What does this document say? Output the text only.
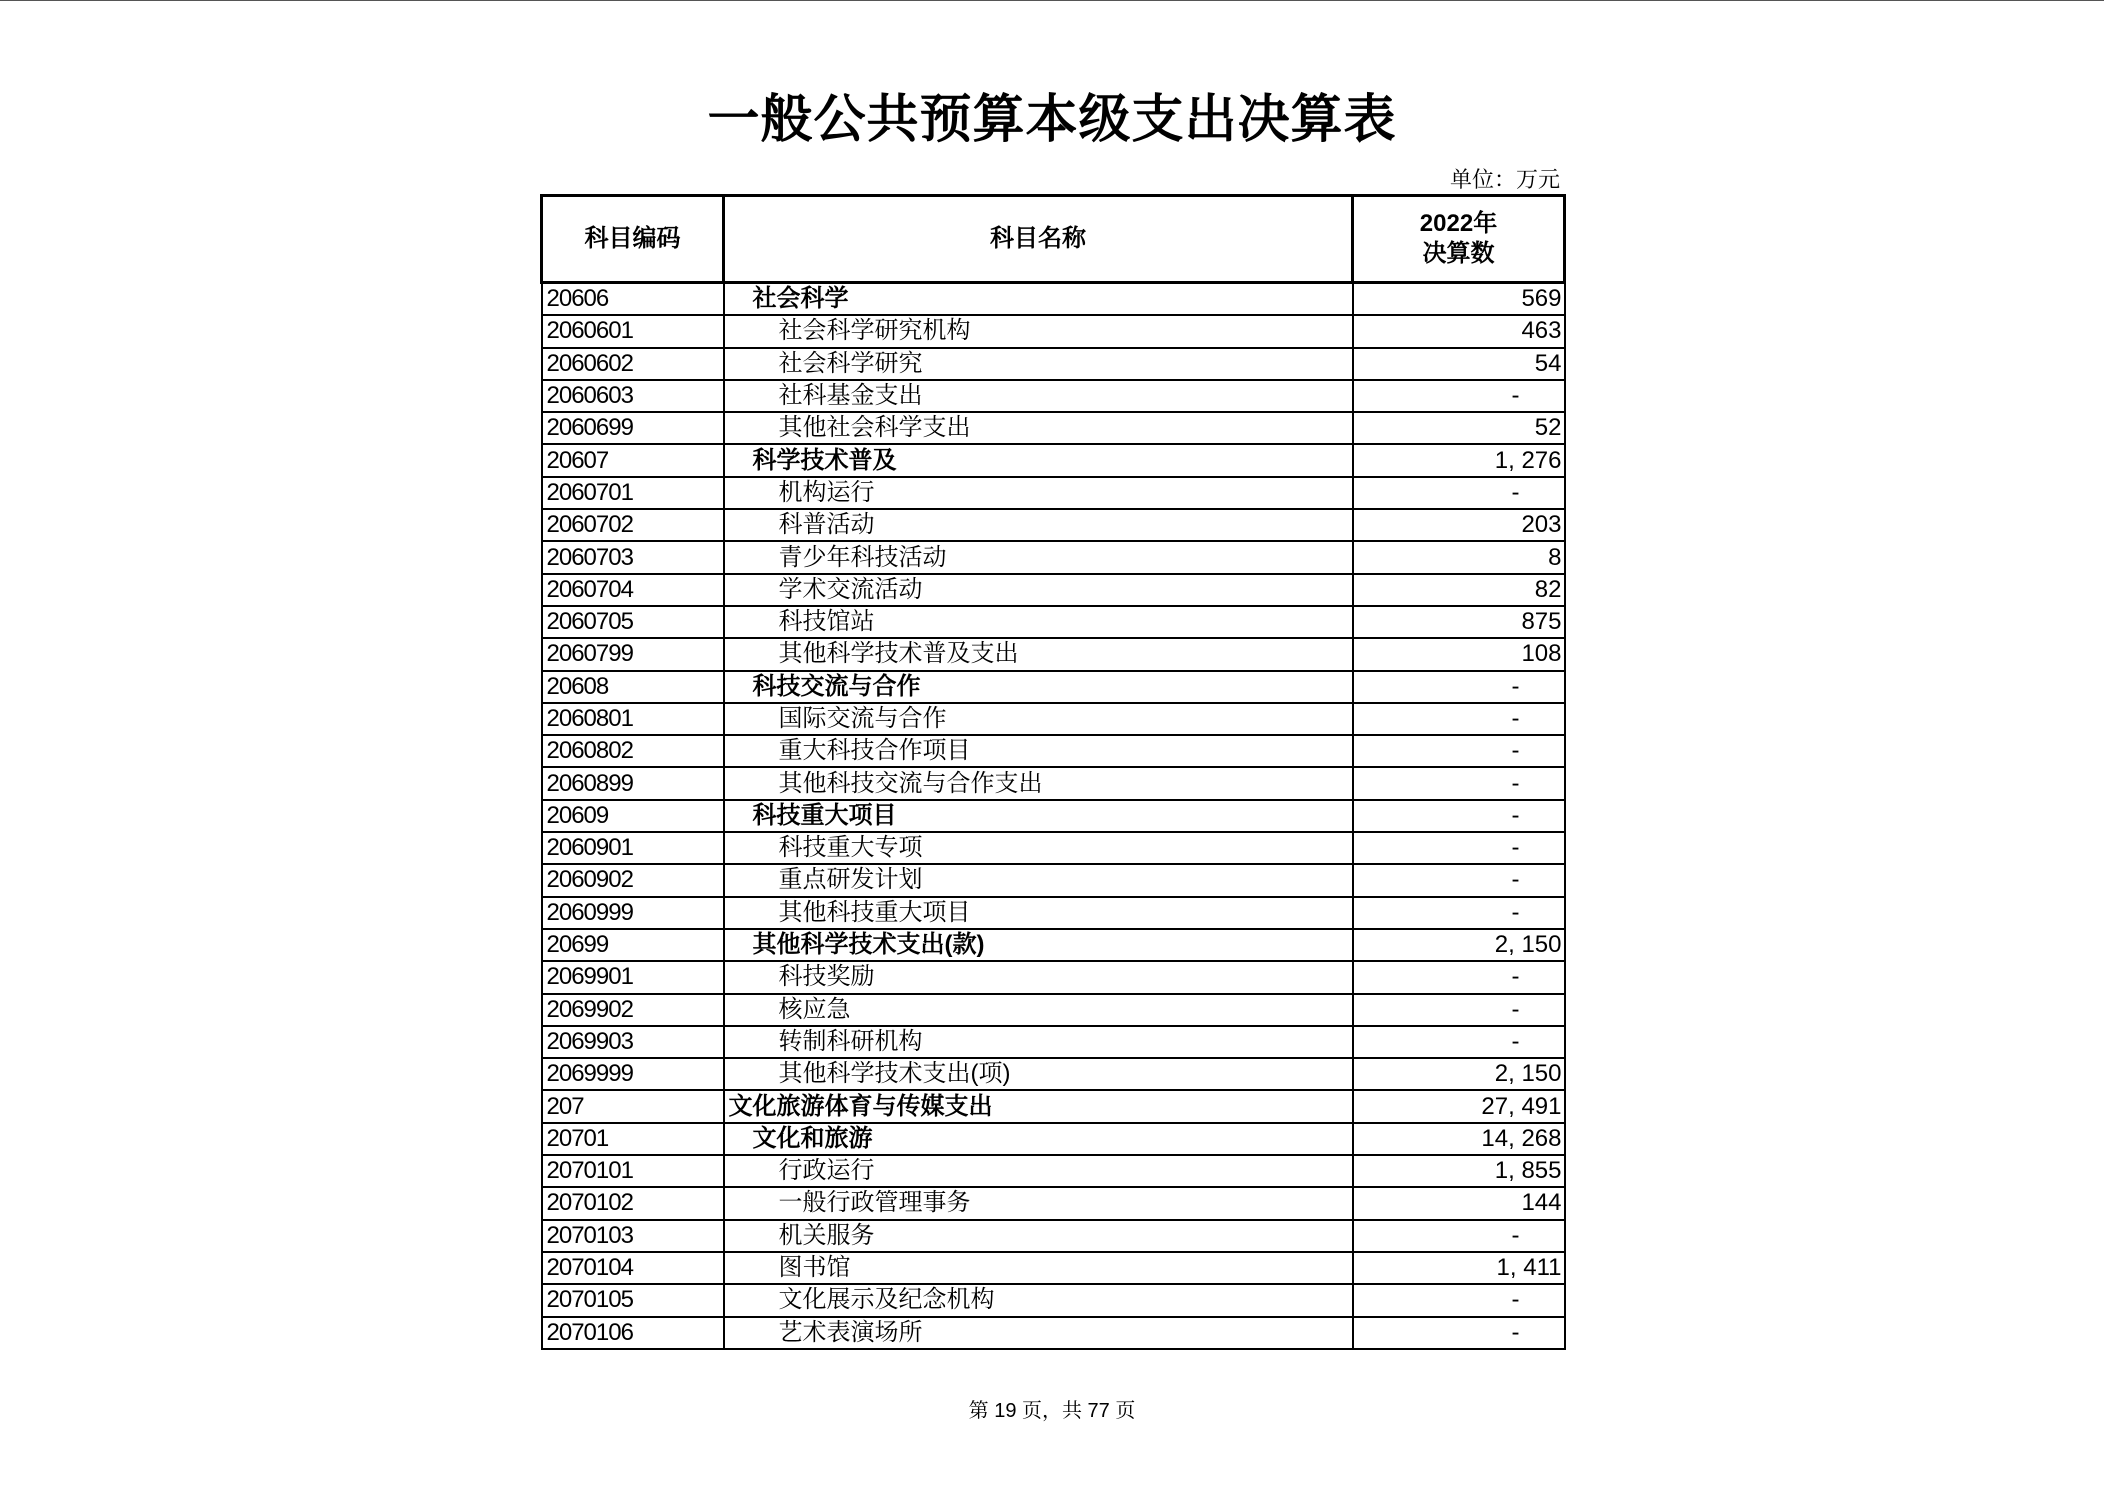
一般公共预算本级支出决算表
单位：万元
科目编码	科目名称	2022年
决算数

20606	社会科学	569
2060601	社会科学研究机构	463
2060602	社会科学研究	54
2060603	社科基金支出	-
2060699	其他社会科学支出	52
20607	科学技术普及	1, 276
2060701	机构运行	-
2060702	科普活动	203
2060703	青少年科技活动	8
2060704	学术交流活动	82
2060705	科技馆站	875
2060799	其他科学技术普及支出	108
20608	科技交流与合作	-
2060801	国际交流与合作	-
2060802	重大科技合作项目	-
2060899	其他科技交流与合作支出	-
20609	科技重大项目	-
2060901	科技重大专项	-
2060902	重点研发计划	-
2060999	其他科技重大项目	-
20699	其他科学技术支出(款)	2, 150
2069901	科技奖励	-
2069902	核应急	-
2069903	转制科研机构	-
2069999	其他科学技术支出(项)	2, 150
207	文化旅游体育与传媒支出	27, 491
20701	文化和旅游	14, 268
2070101	行政运行	1, 855
2070102	一般行政管理事务	144
2070103	机关服务	-
2070104	图书馆	1, 411
2070105	文化展示及纪念机构	-
2070106	艺术表演场所	-
第 19 页，共 77 页
